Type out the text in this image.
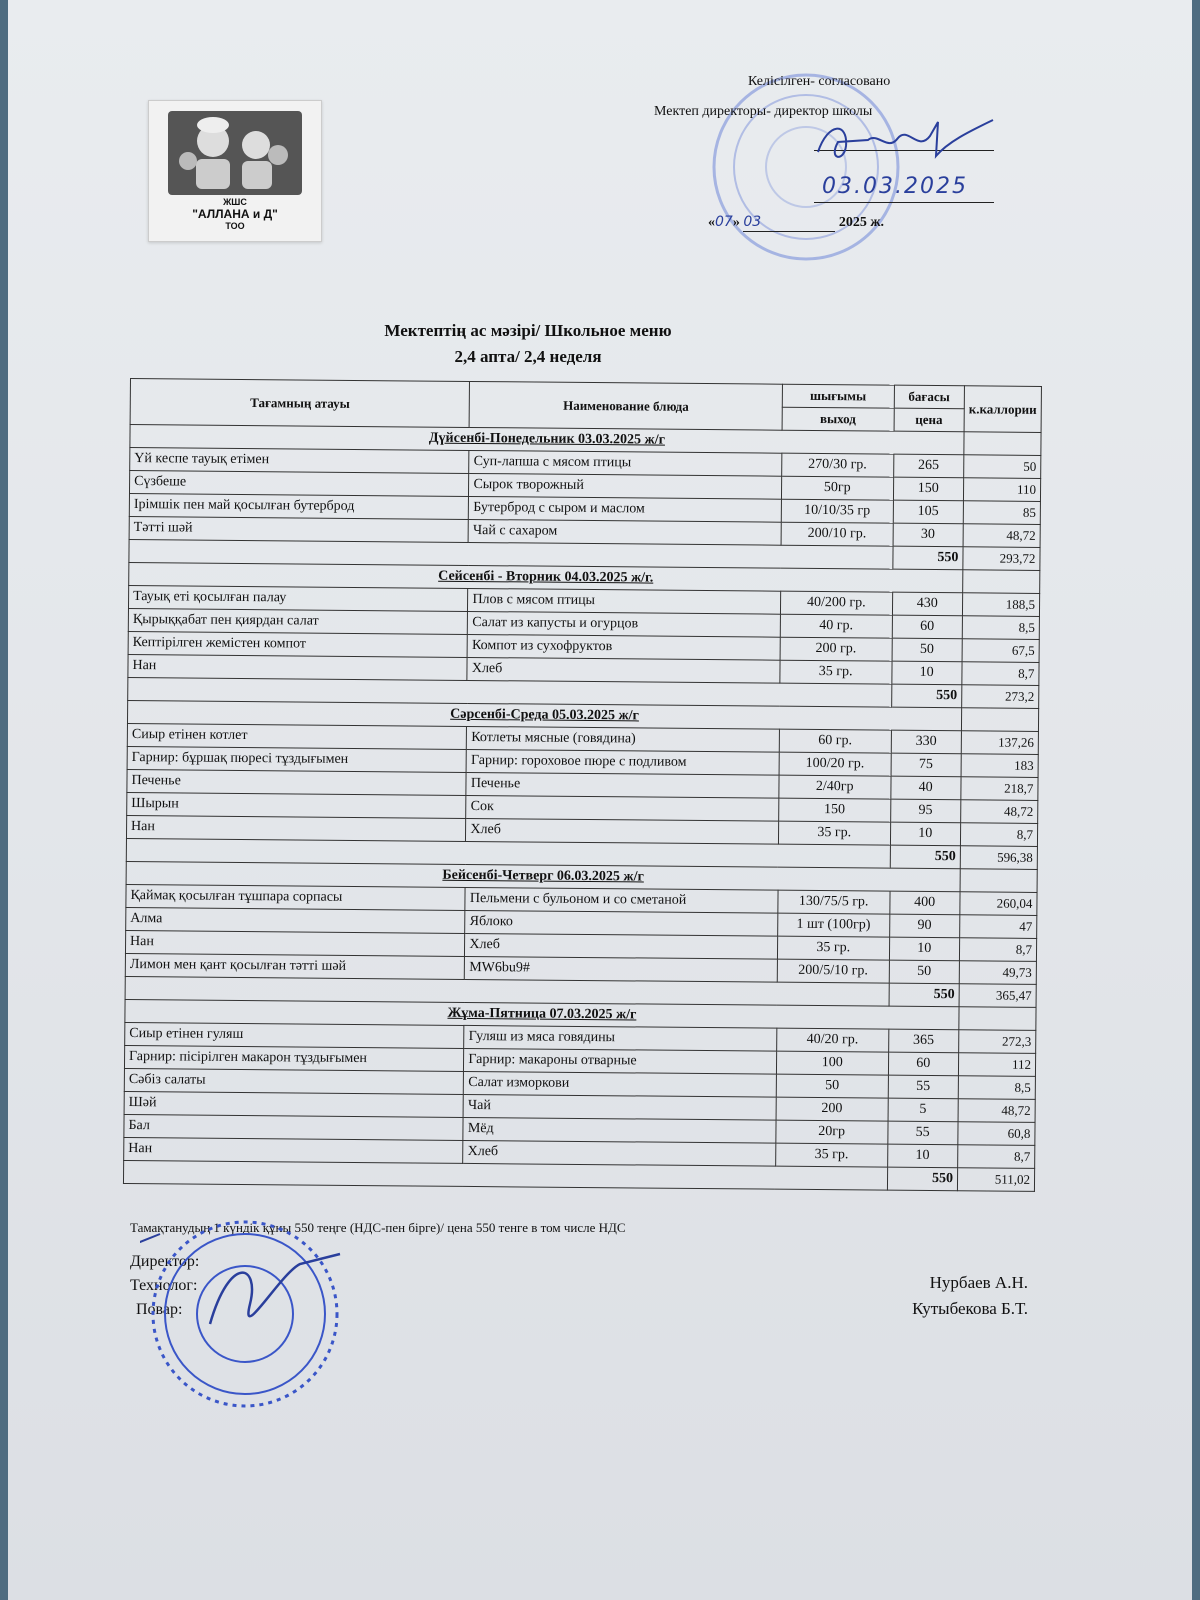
ЖШС
"АЛЛАНА и Д"
ТОО
Келісілген- согласовано
Мектеп директоры- директор школы
03.03.2025
«07» 03	2025 ж.
Мектептің ас мәзірі/ Школьное меню
2,4 апта/ 2,4 неделя
Тағамның атауы	Наименование блюда	шығымы	бағасы	к.каллории
		выход	цена	
Дүйсенбі-Понедельник 03.03.2025 ж/г				
Үй кеспе тауық етімен	Суп-лапша с мясом птицы	270/30 гр.	265	50
Сүзбеше	Сырок творожный	50гр	150	110
Ірімшік пен май қосылған бутерброд	Бутерброд с сыром и маслом	10/10/35 гр	105	85
Тәтті шәй	Чай с сахаром	200/10 гр.	30	48,72
			550	293,72
Сейсенбі - Вторник 04.03.2025 ж/г.				
Тауық еті қосылған палау	Плов с мясом птицы	40/200 гр.	430	188,5
Қырыққабат пен қиярдан салат	Салат из капусты и огурцов	40 гр.	60	8,5
Кептірілген жемістен компот	Компот из сухофруктов	200 гр.	50	67,5
Нан	Хлеб	35 гр.	10	8,7
			550	273,2
Сәрсенбі-Среда 05.03.2025 ж/г				
Сиыр етінен котлет	Котлеты мясные (говядина)	60 гр.	330	137,26
Гарнир: бұршақ пюресі тұздығымен	Гарнир: гороховое пюре с подливом	100/20 гр.	75	183
Печенье	Печенье	2/40гр	40	218,7
Шырын	Сок	150	95	48,72
Нан	Хлеб	35 гр.	10	8,7
			550	596,38
Бейсенбі-Четверг 06.03.2025 ж/г				
Қаймақ қосылған тұшпара сорпасы	Пельмени с бульоном и со сметаной	130/75/5 гр.	400	260,04
Алма	Яблоко	1 шт (100гр)	90	47
Нан	Хлеб	35 гр.	10	8,7
Лимон мен қант қосылған тәтті шәй	MW6bu9#	200/5/10 гр.	50	49,73
			550	365,47
Жұма-Пятница 07.03.2025 ж/г				
Сиыр етінен гуляш	Гуляш из мяса говядины	40/20 гр.	365	272,3
Гарнир: пісірілген макарон тұздығымен	Гарнир: макароны отварные	100	60	112
Сәбіз салаты	Салат изморкови	50	55	8,5
Шәй	Чай	200	5	48,72
Бал	Мёд	20гр	55	60,8
Нан	Хлеб	35 гр.	10	8,7
			550	511,02
Тамақтанудың 1 күндік құны 550 теңге (НДС-пен бірге)/ цена 550 тенге в том числе НДС
Директор:
Технолог:
Повар:
Нурбаев А.Н.
Кутыбекова Б.Т.
